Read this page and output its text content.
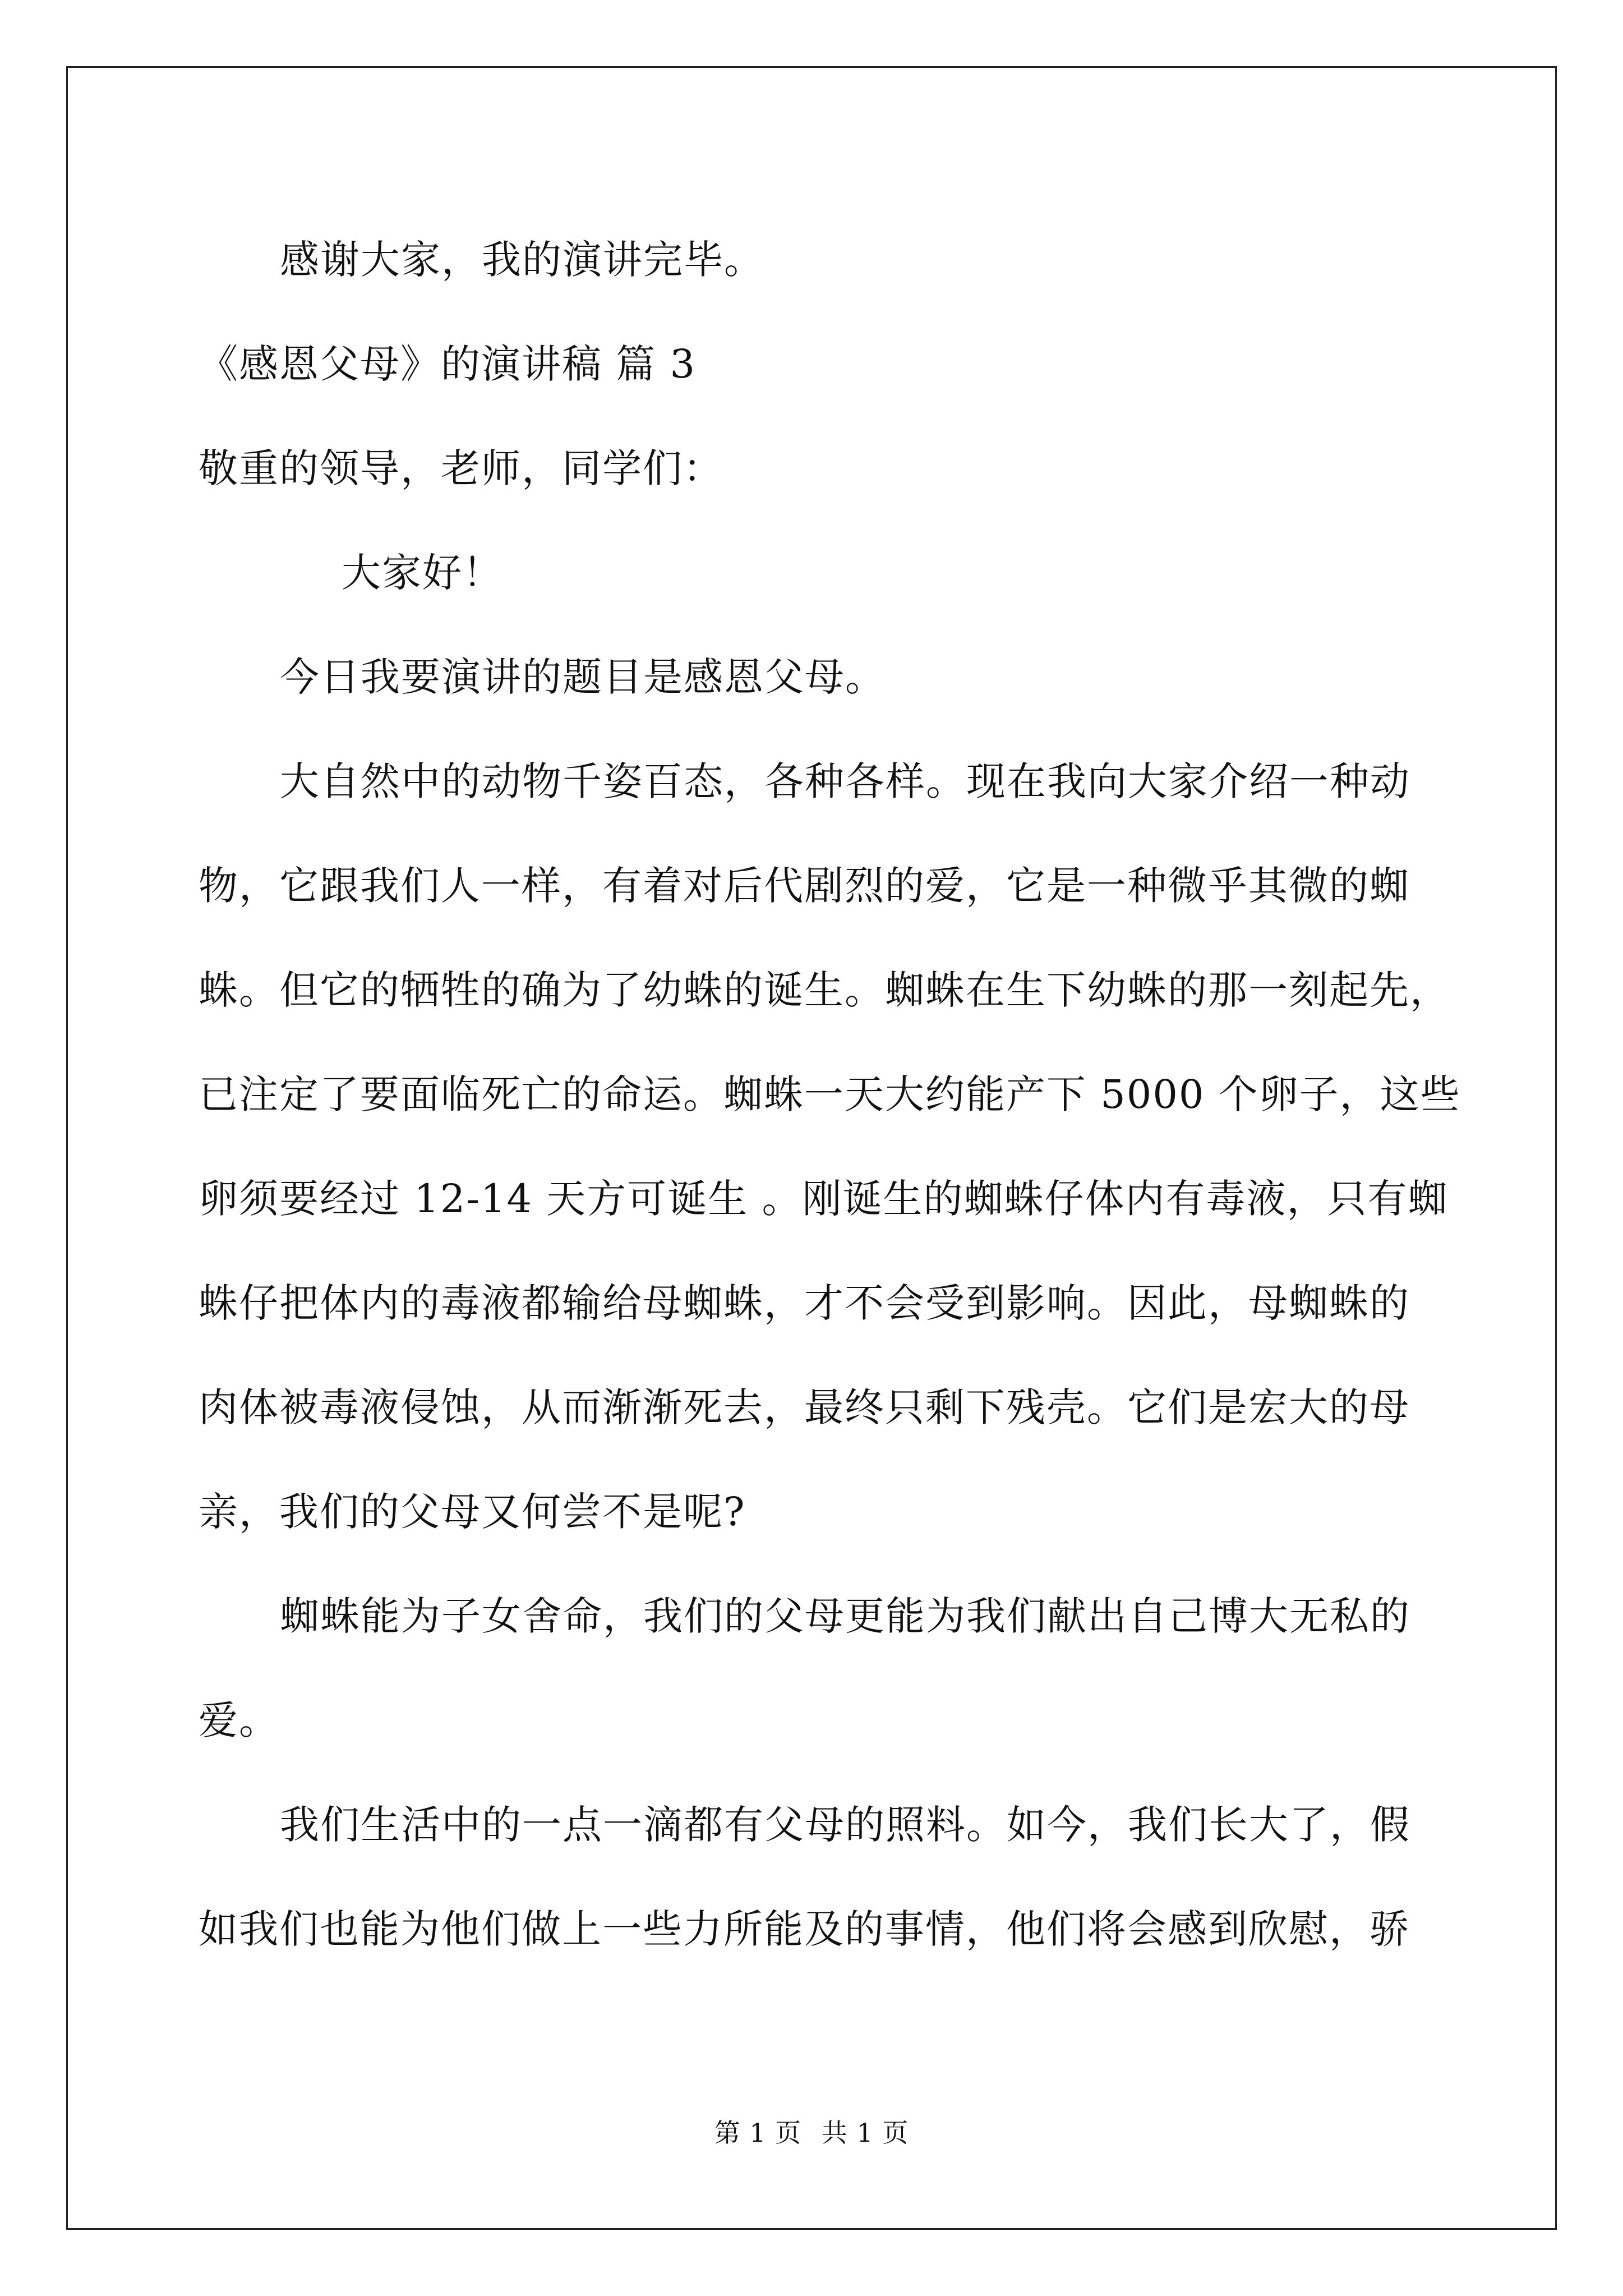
感谢大家，我的演讲完毕。
《感恩父母》的演讲稿 篇 3
敬重的领导，老师，同学们：
大家好！
今日我要演讲的题目是感恩父母。
大自然中的动物千姿百态，各种各样。现在我向大家介绍一种动
物，它跟我们人一样，有着对后代剧烈的爱，它是一种微乎其微的蜘
蛛。但它的牺牲的确为了幼蛛的诞生。蜘蛛在生下幼蛛的那一刻起先，
已注定了要面临死亡的命运。蜘蛛一天大约能产下 5000 个卵子，这些
卵须要经过 12-14 天方可诞生 。刚诞生的蜘蛛仔体内有毒液，只有蜘
蛛仔把体内的毒液都输给母蜘蛛，才不会受到影响。因此，母蜘蛛的
肉体被毒液侵蚀，从而渐渐死去，最终只剩下残壳。它们是宏大的母
亲，我们的父母又何尝不是呢?
蜘蛛能为子女舍命，我们的父母更能为我们献出自己博大无私的
爱。
我们生活中的一点一滴都有父母的照料。如今，我们长大了，假
如我们也能为他们做上一些力所能及的事情，他们将会感到欣慰，骄
第 1 页 共 1 页
